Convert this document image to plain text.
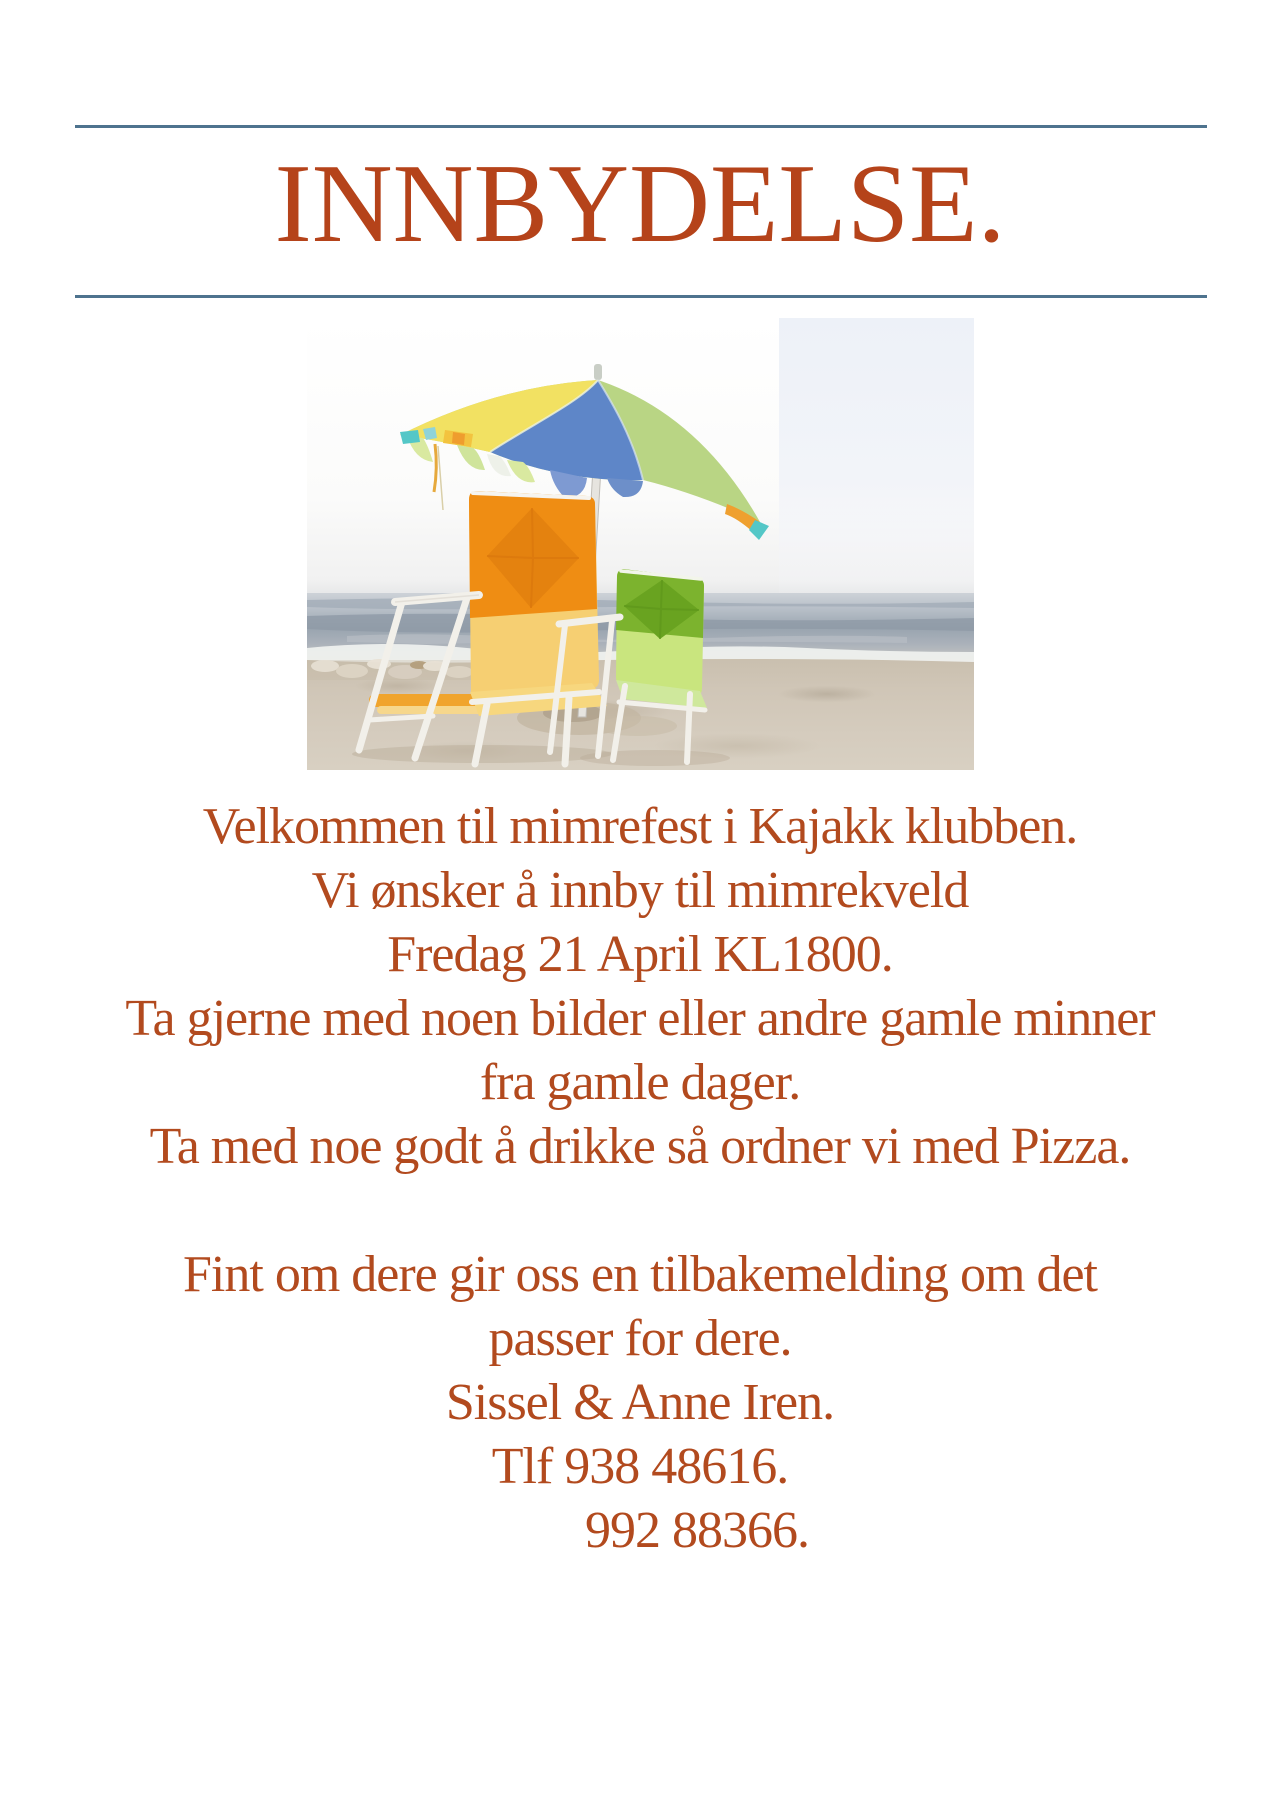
INNBYDELSE.

Velkommen til mimrefest i Kajakk klubben.

Vi ønsker å innby til mimrekveld

Fredag 21 April KL1800.

Ta gjerne med noen bilder eller andre gamle minner

fra gamle dager.

Ta med noe godt å drikke så ordner vi med Pizza.

Fint om dere gir oss en tilbakemelding om det

passer for dere.

Sissel & Anne Iren.

Tlf 938 48616.

992 88366.
